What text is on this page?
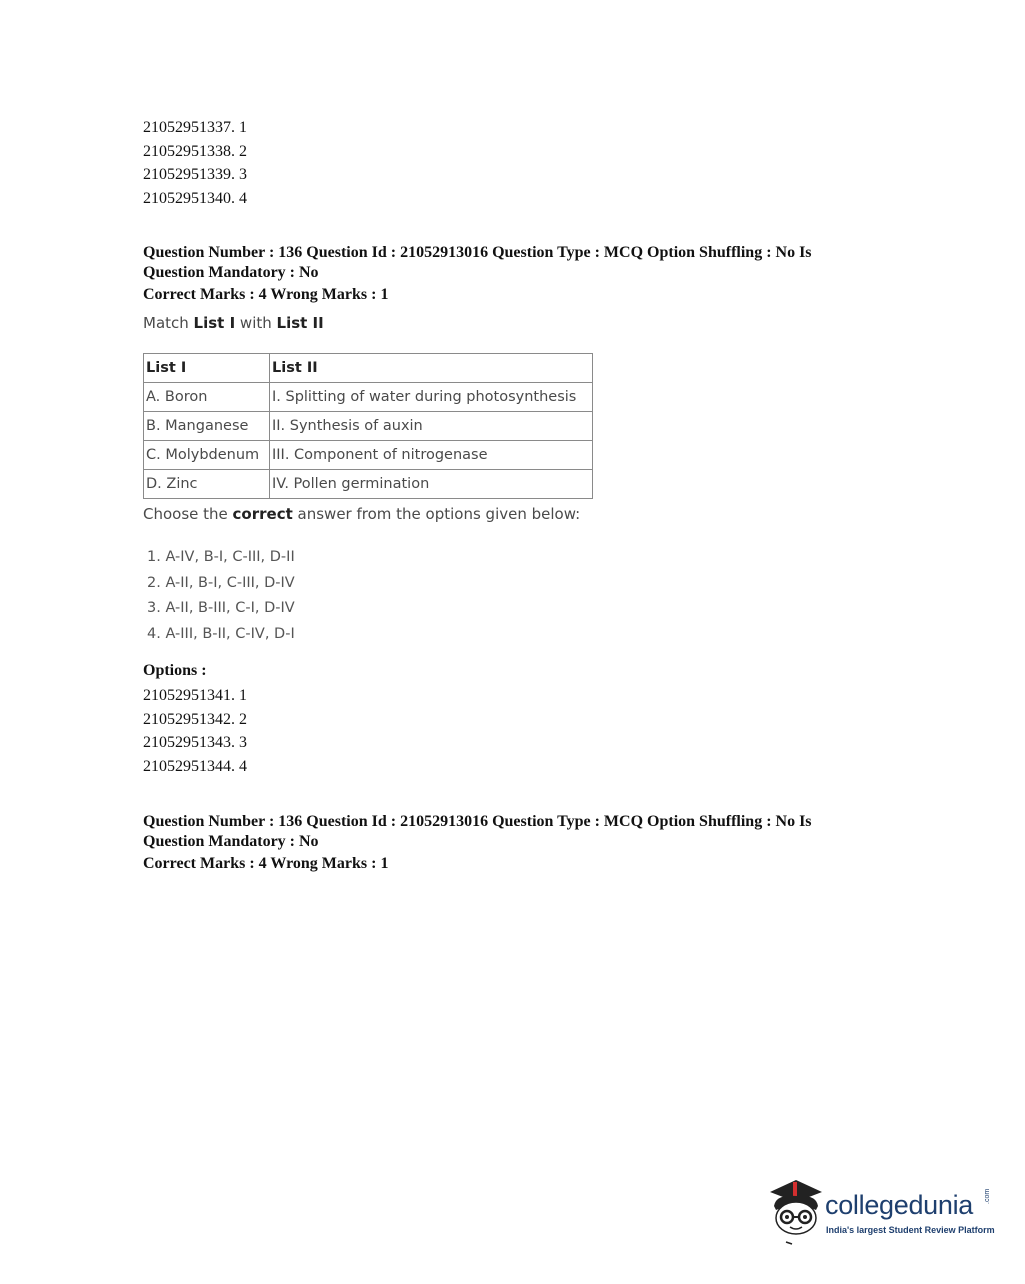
21052951337. 1
21052951338. 2
21052951339. 3
21052951340. 4
Question Number : 136 Question Id : 21052913016 Question Type : MCQ Option Shuffling : No Is
Question Mandatory : No
Correct Marks : 4 Wrong Marks : 1
Match List I with List II
List I	List II
A. Boron	I. Splitting of water during photosynthesis
B. Manganese	II. Synthesis of auxin
C. Molybdenum	III. Component of nitrogenase
D. Zinc	IV. Pollen germination
Choose the correct answer from the options given below:
1. A-IV, B-I, C-III, D-II
2. A-II, B-I, C-III, D-IV
3. A-II, B-III, C-I, D-IV
4. A-III, B-II, C-IV, D-I
Options :
21052951341. 1
21052951342. 2
21052951343. 3
21052951344. 4
Question Number : 136 Question Id : 21052913016 Question Type : MCQ Option Shuffling : No Is
Question Mandatory : No
Correct Marks : 4 Wrong Marks : 1
collegedunia .com
India's largest Student Review Platform
